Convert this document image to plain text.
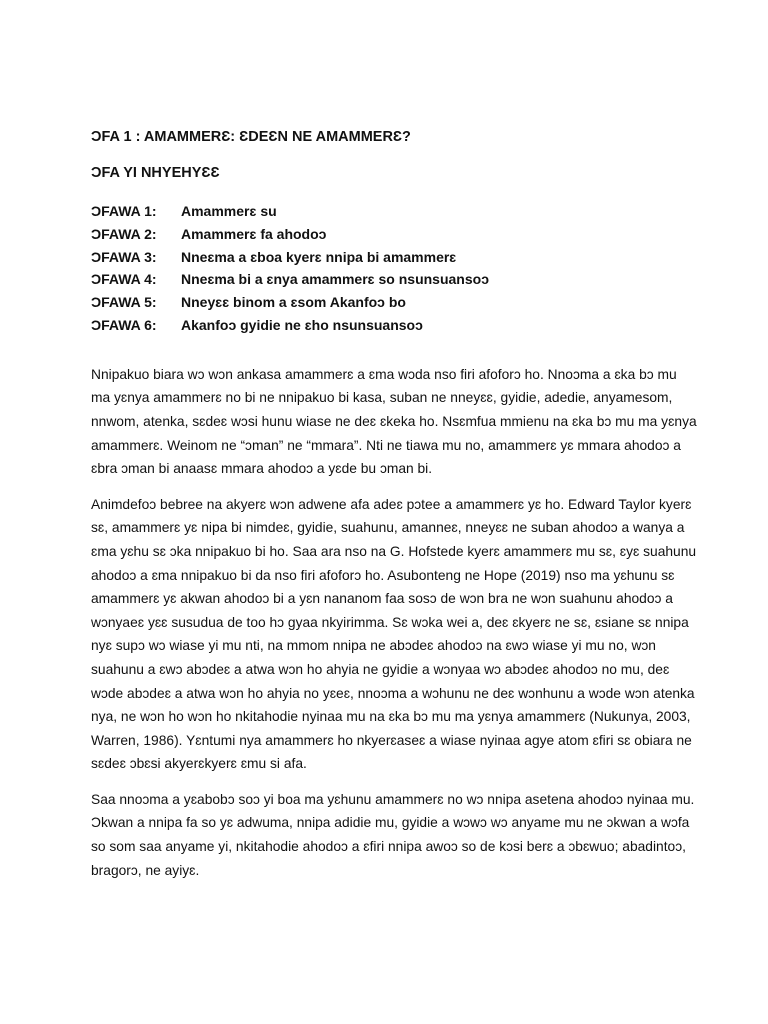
ƆFA 1 : AMAMMERƐ: ƐDEƐN NE AMAMMERƐ?

ƆFA YI NHYEHYƐƐ

ƆFAWA 1:	Amammerɛ su
ƆFAWA 2:	Amammerɛ fa ahodoɔ
ƆFAWA 3:	Nneɛma a ɛboa kyerɛ nnipa bi amammerɛ
ƆFAWA 4:	Nneɛma bi a ɛnya amammerɛ so nsunsuansoɔ
ƆFAWA 5:	Nneyɛɛ binom a ɛsom Akanfoɔ bo
ƆFAWA 6:	Akanfoɔ gyidie ne ɛho nsunsuansoɔ

Nnipakuo biara wɔ wɔn ankasa amammerɛ a ɛma wɔda nso firi afoforɔ ho. Nnoɔma a ɛka bɔ mu ma yɛnya amammerɛ no bi ne nnipakuo bi kasa, suban ne nneyɛɛ, gyidie, adedie, anyamesom, nnwom, atenka, sɛdeɛ wɔsi hunu wiase ne deɛ ɛkeka ho. Nsɛmfua mmienu na ɛka bɔ mu ma yɛnya amammerɛ. Weinom ne “ɔman” ne “mmara”. Nti ne tiawa mu no, amammerɛ yɛ mmara ahodoɔ a ɛbra ɔman bi anaasɛ mmara ahodoɔ a yɛde bu ɔman bi.

Animdefoɔ bebree na akyerɛ wɔn adwene afa adeɛ pɔtee a amammerɛ yɛ ho. Edward Taylor kyerɛ sɛ, amammerɛ yɛ nipa bi nimdeɛ, gyidie, suahunu, amanneɛ, nneyɛɛ ne suban ahodoɔ a wanya a ɛma yɛhu sɛ ɔka nnipakuo bi ho. Saa ara nso na G. Hofstede kyerɛ amammerɛ mu sɛ, ɛyɛ suahunu ahodoɔ a ɛma nnipakuo bi da nso firi afoforɔ ho. Asubonteng ne Hope (2019) nso ma yɛhunu sɛ amammerɛ yɛ akwan ahodoɔ bi a yɛn nananom faa sosɔ de wɔn bra ne wɔn suahunu ahodoɔ a wɔnyaeɛ yɛɛ susudua de too hɔ gyaa nkyirimma. Sɛ wɔka wei a, deɛ ɛkyerɛ ne sɛ, ɛsiane sɛ nnipa nyɛ supɔ wɔ wiase yi mu nti, na mmom nnipa ne abɔdeɛ ahodoɔ na ɛwɔ wiase yi mu no, wɔn suahunu a ɛwɔ abɔdeɛ a atwa wɔn ho ahyia ne gyidie a wɔnyaa wɔ abɔdeɛ ahodoɔ no mu, deɛ wɔde abɔdeɛ a atwa wɔn ho ahyia no yɛeɛ, nnoɔma a wɔhunu ne deɛ wɔnhunu a wɔde wɔn atenka nya, ne wɔn ho wɔn ho nkitahodie nyinaa mu na ɛka bɔ mu ma yɛnya amammerɛ (Nukunya, 2003, Warren, 1986). Yɛntumi nya amammerɛ ho nkyerɛaseɛ a wiase nyinaa agye atom ɛfiri sɛ obiara ne sɛdeɛ ɔbɛsi akyerɛkyerɛ ɛmu si afa.

Saa nnoɔma a yɛabobɔ soɔ yi boa ma yɛhunu amammerɛ no wɔ nnipa asetena ahodoɔ nyinaa mu. Ɔkwan a nnipa fa so yɛ adwuma, nnipa adidie mu, gyidie a wɔwɔ wɔ anyame mu ne ɔkwan a wɔfa so som saa anyame yi, nkitahodie ahodoɔ a ɛfiri nnipa awoɔ so de kɔsi berɛ a ɔbɛwuo; abadintoɔ, bragorɔ, ne ayiyɛ.
